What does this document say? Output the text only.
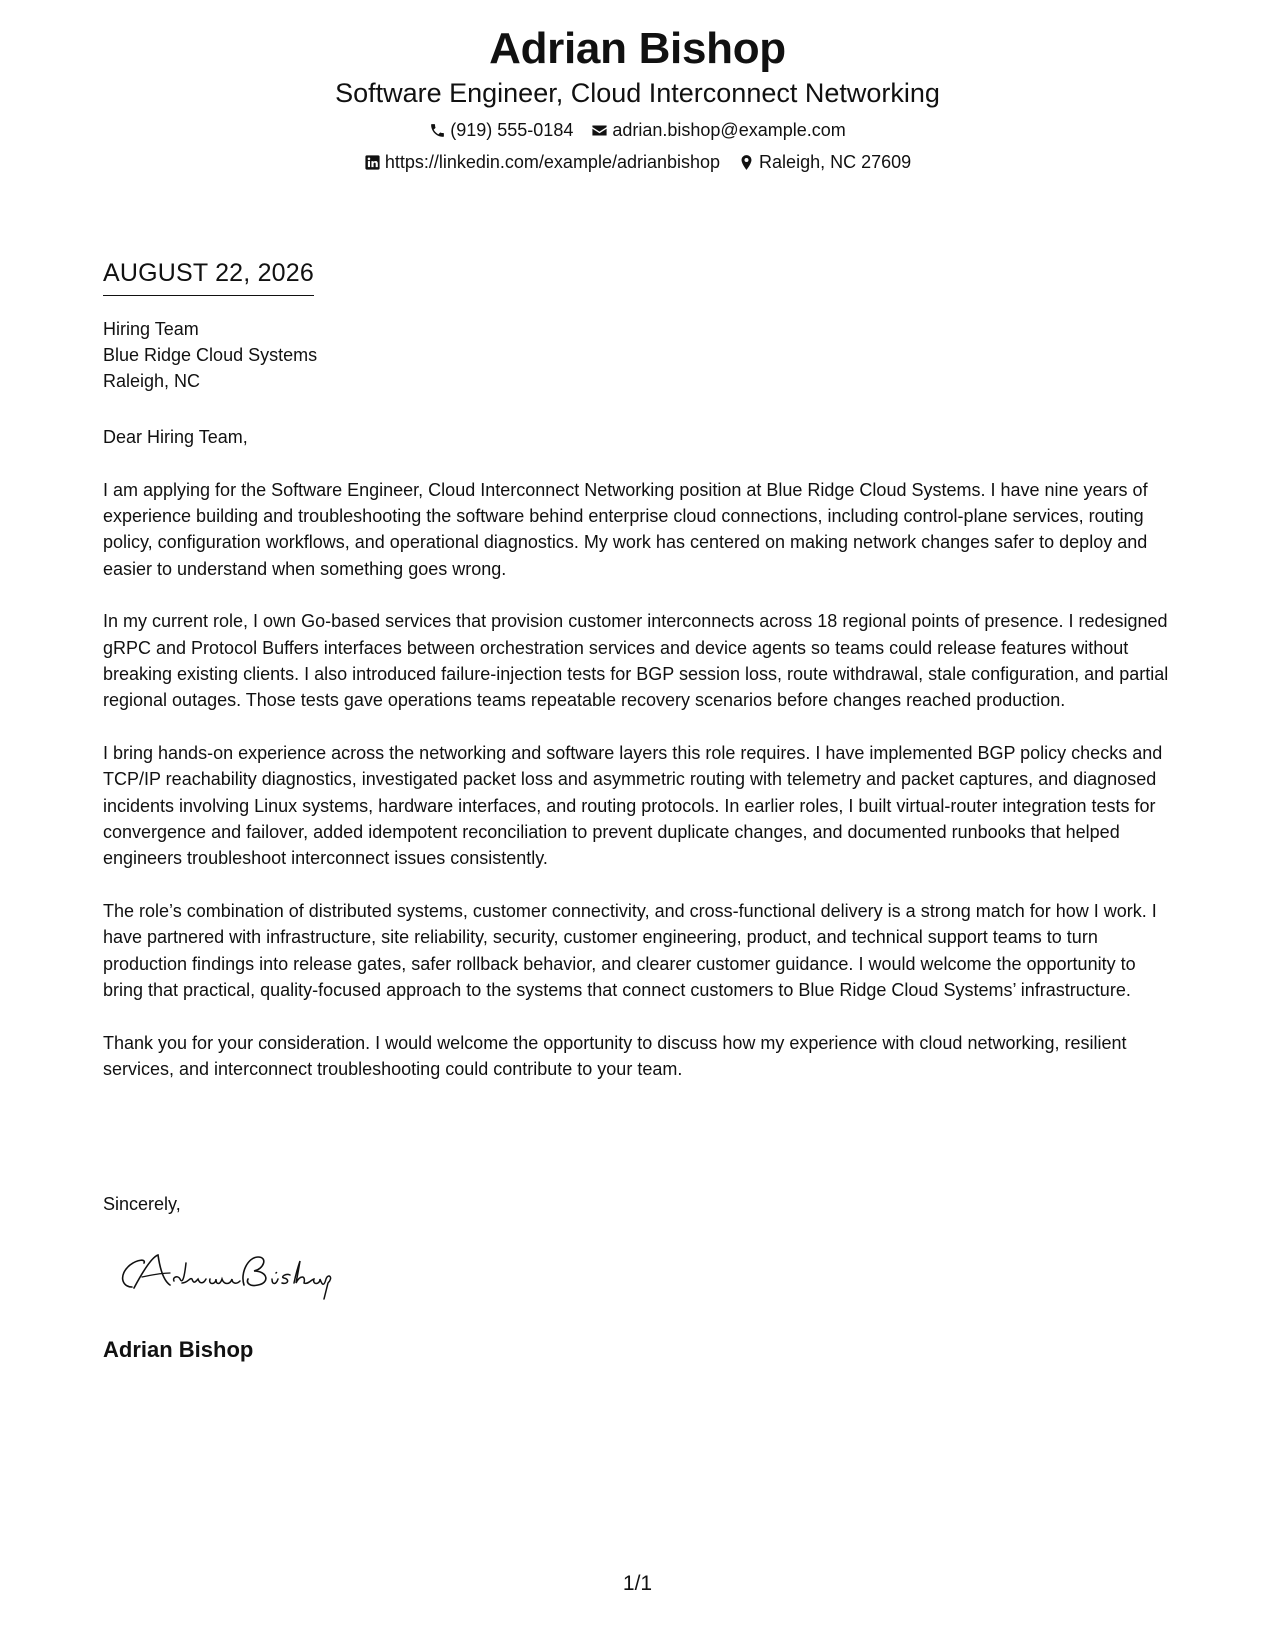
Adrian Bishop
Software Engineer, Cloud Interconnect Networking
(919) 555-0184 adrian.bishop@example.com
https://linkedin.com/example/adrianbishop Raleigh, NC 27609
AUGUST 22, 2026
Hiring Team
Blue Ridge Cloud Systems
Raleigh, NC

Dear Hiring Team,

I am applying for the Software Engineer, Cloud Interconnect Networking position at Blue Ridge Cloud Systems. I have nine years of experience building and troubleshooting the software behind enterprise cloud connections, including control-plane services, routing policy, configuration workflows, and operational diagnostics. My work has centered on making network changes safer to deploy and easier to understand when something goes wrong.

In my current role, I own Go-based services that provision customer interconnects across 18 regional points of presence. I redesigned gRPC and Protocol Buffers interfaces between orchestration services and device agents so teams could release features without breaking existing clients. I also introduced failure-injection tests for BGP session loss, route withdrawal, stale configuration, and partial regional outages. Those tests gave operations teams repeatable recovery scenarios before changes reached production.

I bring hands-on experience across the networking and software layers this role requires. I have implemented BGP policy checks and TCP/IP reachability diagnostics, investigated packet loss and asymmetric routing with telemetry and packet captures, and diagnosed incidents involving Linux systems, hardware interfaces, and routing protocols. In earlier roles, I built virtual-router integration tests for convergence and failover, added idempotent reconciliation to prevent duplicate changes, and documented runbooks that helped engineers troubleshoot interconnect issues consistently.

The role’s combination of distributed systems, customer connectivity, and cross-functional delivery is a strong match for how I work. I have partnered with infrastructure, site reliability, security, customer engineering, product, and technical support teams to turn production findings into release gates, safer rollback behavior, and clearer customer guidance. I would welcome the opportunity to bring that practical, quality-focused approach to the systems that connect customers to Blue Ridge Cloud Systems’ infrastructure.

Thank you for your consideration. I would welcome the opportunity to discuss how my experience with cloud networking, resilient services, and interconnect troubleshooting could contribute to your team.

Sincerely,
Adrian Bishop
1/1
